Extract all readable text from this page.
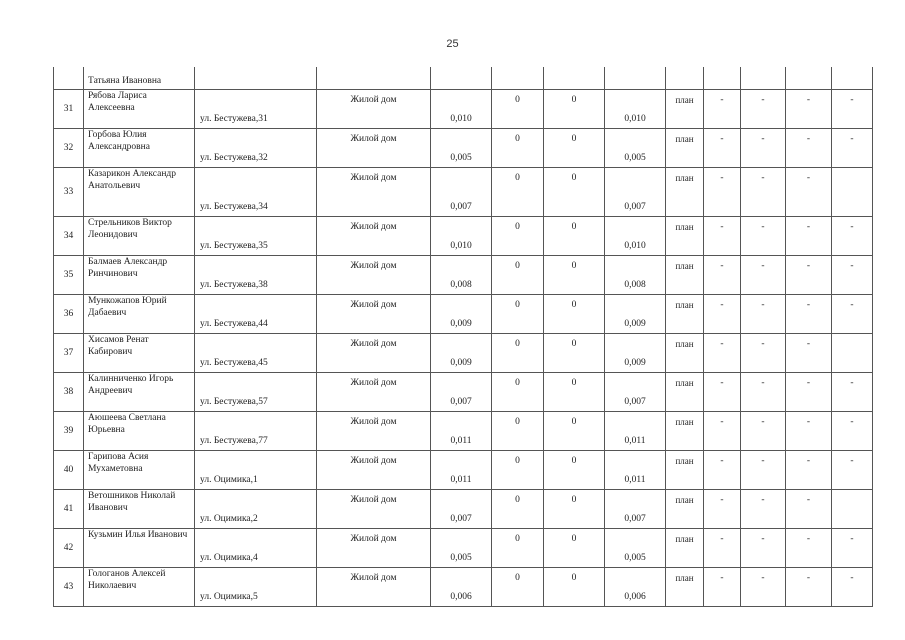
25
	Татьяна Ивановна											
31	Рябова Лариса Алексеевна	ул. Бестужева,31	Жилой дом	0,010	0	0	0,010	план	-	-	-	-
32	Горбова Юлия Александровна	ул. Бестужева,32	Жилой дом	0,005	0	0	0,005	план	-	-	-	-
33	Казарикон Александр Анатольевич	ул. Бестужева,34	Жилой дом	0,007	0	0	0,007	план	-	-	-	
34	Стрельников Виктор Леонидович	ул. Бестужева,35	Жилой дом	0,010	0	0	0,010	план	-	-	-	-
35	Балмаев Александр Ринчинович	ул. Бестужева,38	Жилой дом	0,008	0	0	0,008	план	-	-	-	-
36	Мункожапов Юрий Дабаевич	ул. Бестужева,44	Жилой дом	0,009	0	0	0,009	план	-	-	-	-
37	Хисамов Ренат Кабирович	ул. Бестужева,45	Жилой дом	0,009	0	0	0,009	план	-	-	-	
38	Калинниченко Игорь Андреевич	ул. Бестужева,57	Жилой дом	0,007	0	0	0,007	план	-	-	-	-
39	Аюшеева Светлана Юрьевна	ул. Бестужева,77	Жилой дом	0,011	0	0	0,011	план	-	-	-	-
40	Гарипова Асия Мухаметовна	ул. Оцимика,1	Жилой дом	0,011	0	0	0,011	план	-	-	-	-
41	Ветошников Николай Иванович	ул. Оцимика,2	Жилой дом	0,007	0	0	0,007	план	-	-	-	
42	Кузьмин Илья Иванович	ул. Оцимика,4	Жилой дом	0,005	0	0	0,005	план	-	-	-	-
43	Гологанов Алексей Николаевич	ул. Оцимика,5	Жилой дом	0,006	0	0	0,006	план	-	-	-	-
